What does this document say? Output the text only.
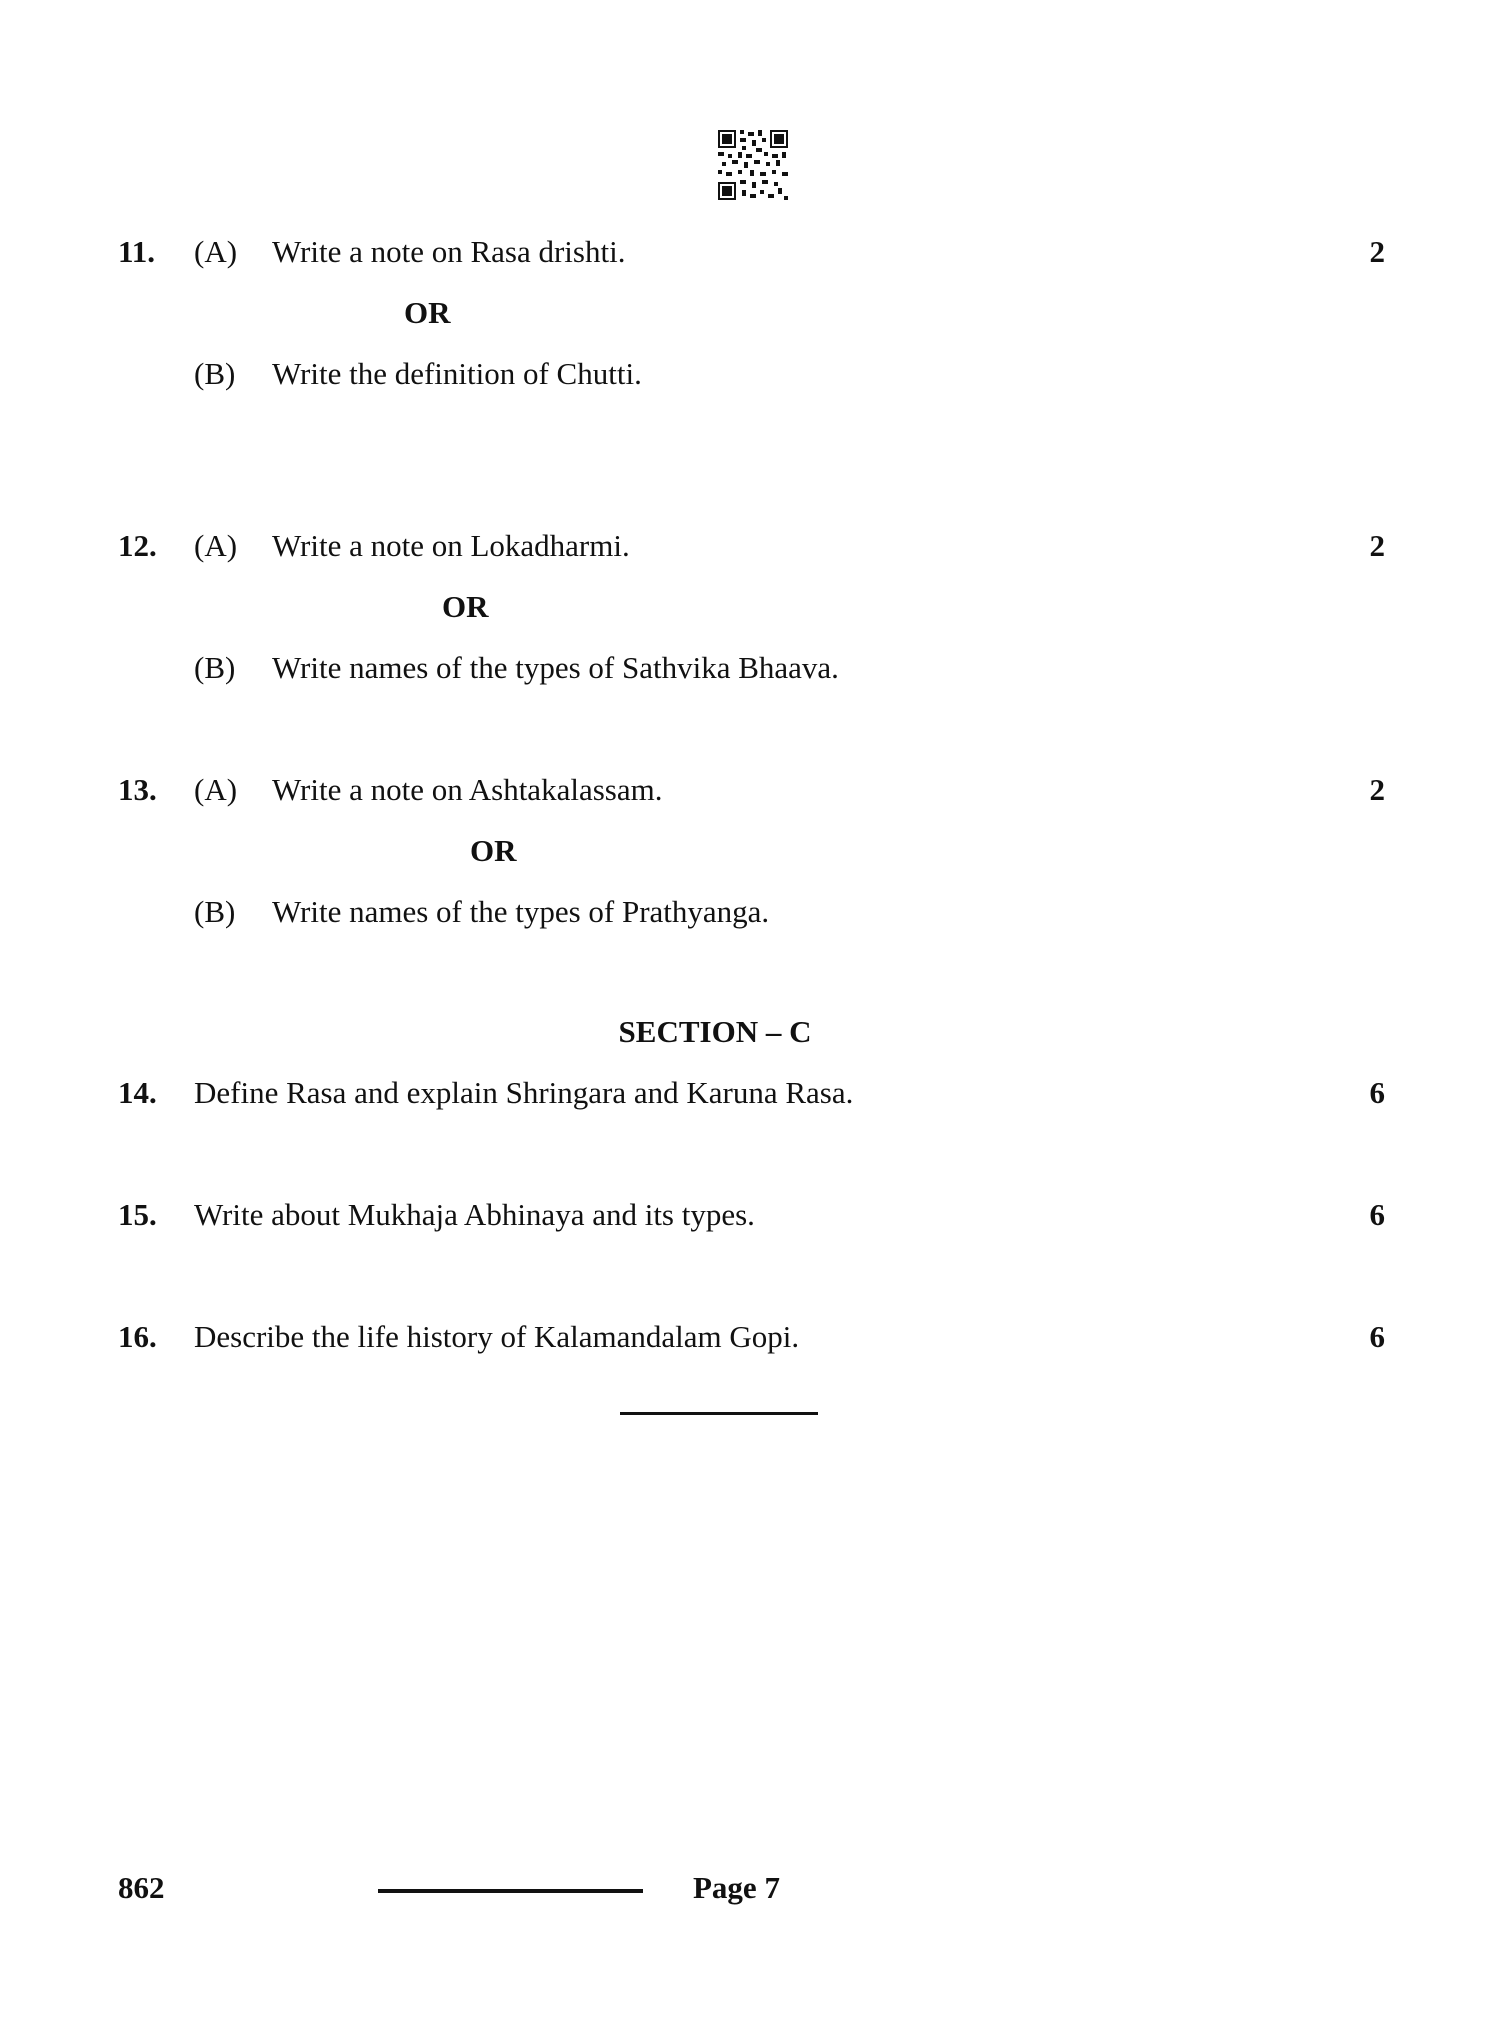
11. (A) Write a note on Rasa drishti.	2
OR
(B) Write the definition of Chutti.
12. (A) Write a note on Lokadharmi.	2
OR
(B) Write names of the types of Sathvika Bhaava.
13. (A) Write a note on Ashtakalassam.	2
OR
(B) Write names of the types of Prathyanga.
SECTION – C
14. Define Rasa and explain Shringara and Karuna Rasa.	6
15. Write about Mukhaja Abhinaya and its types.	6
16. Describe the life history of Kalamandalam Gopi.	6
862	Page 7
